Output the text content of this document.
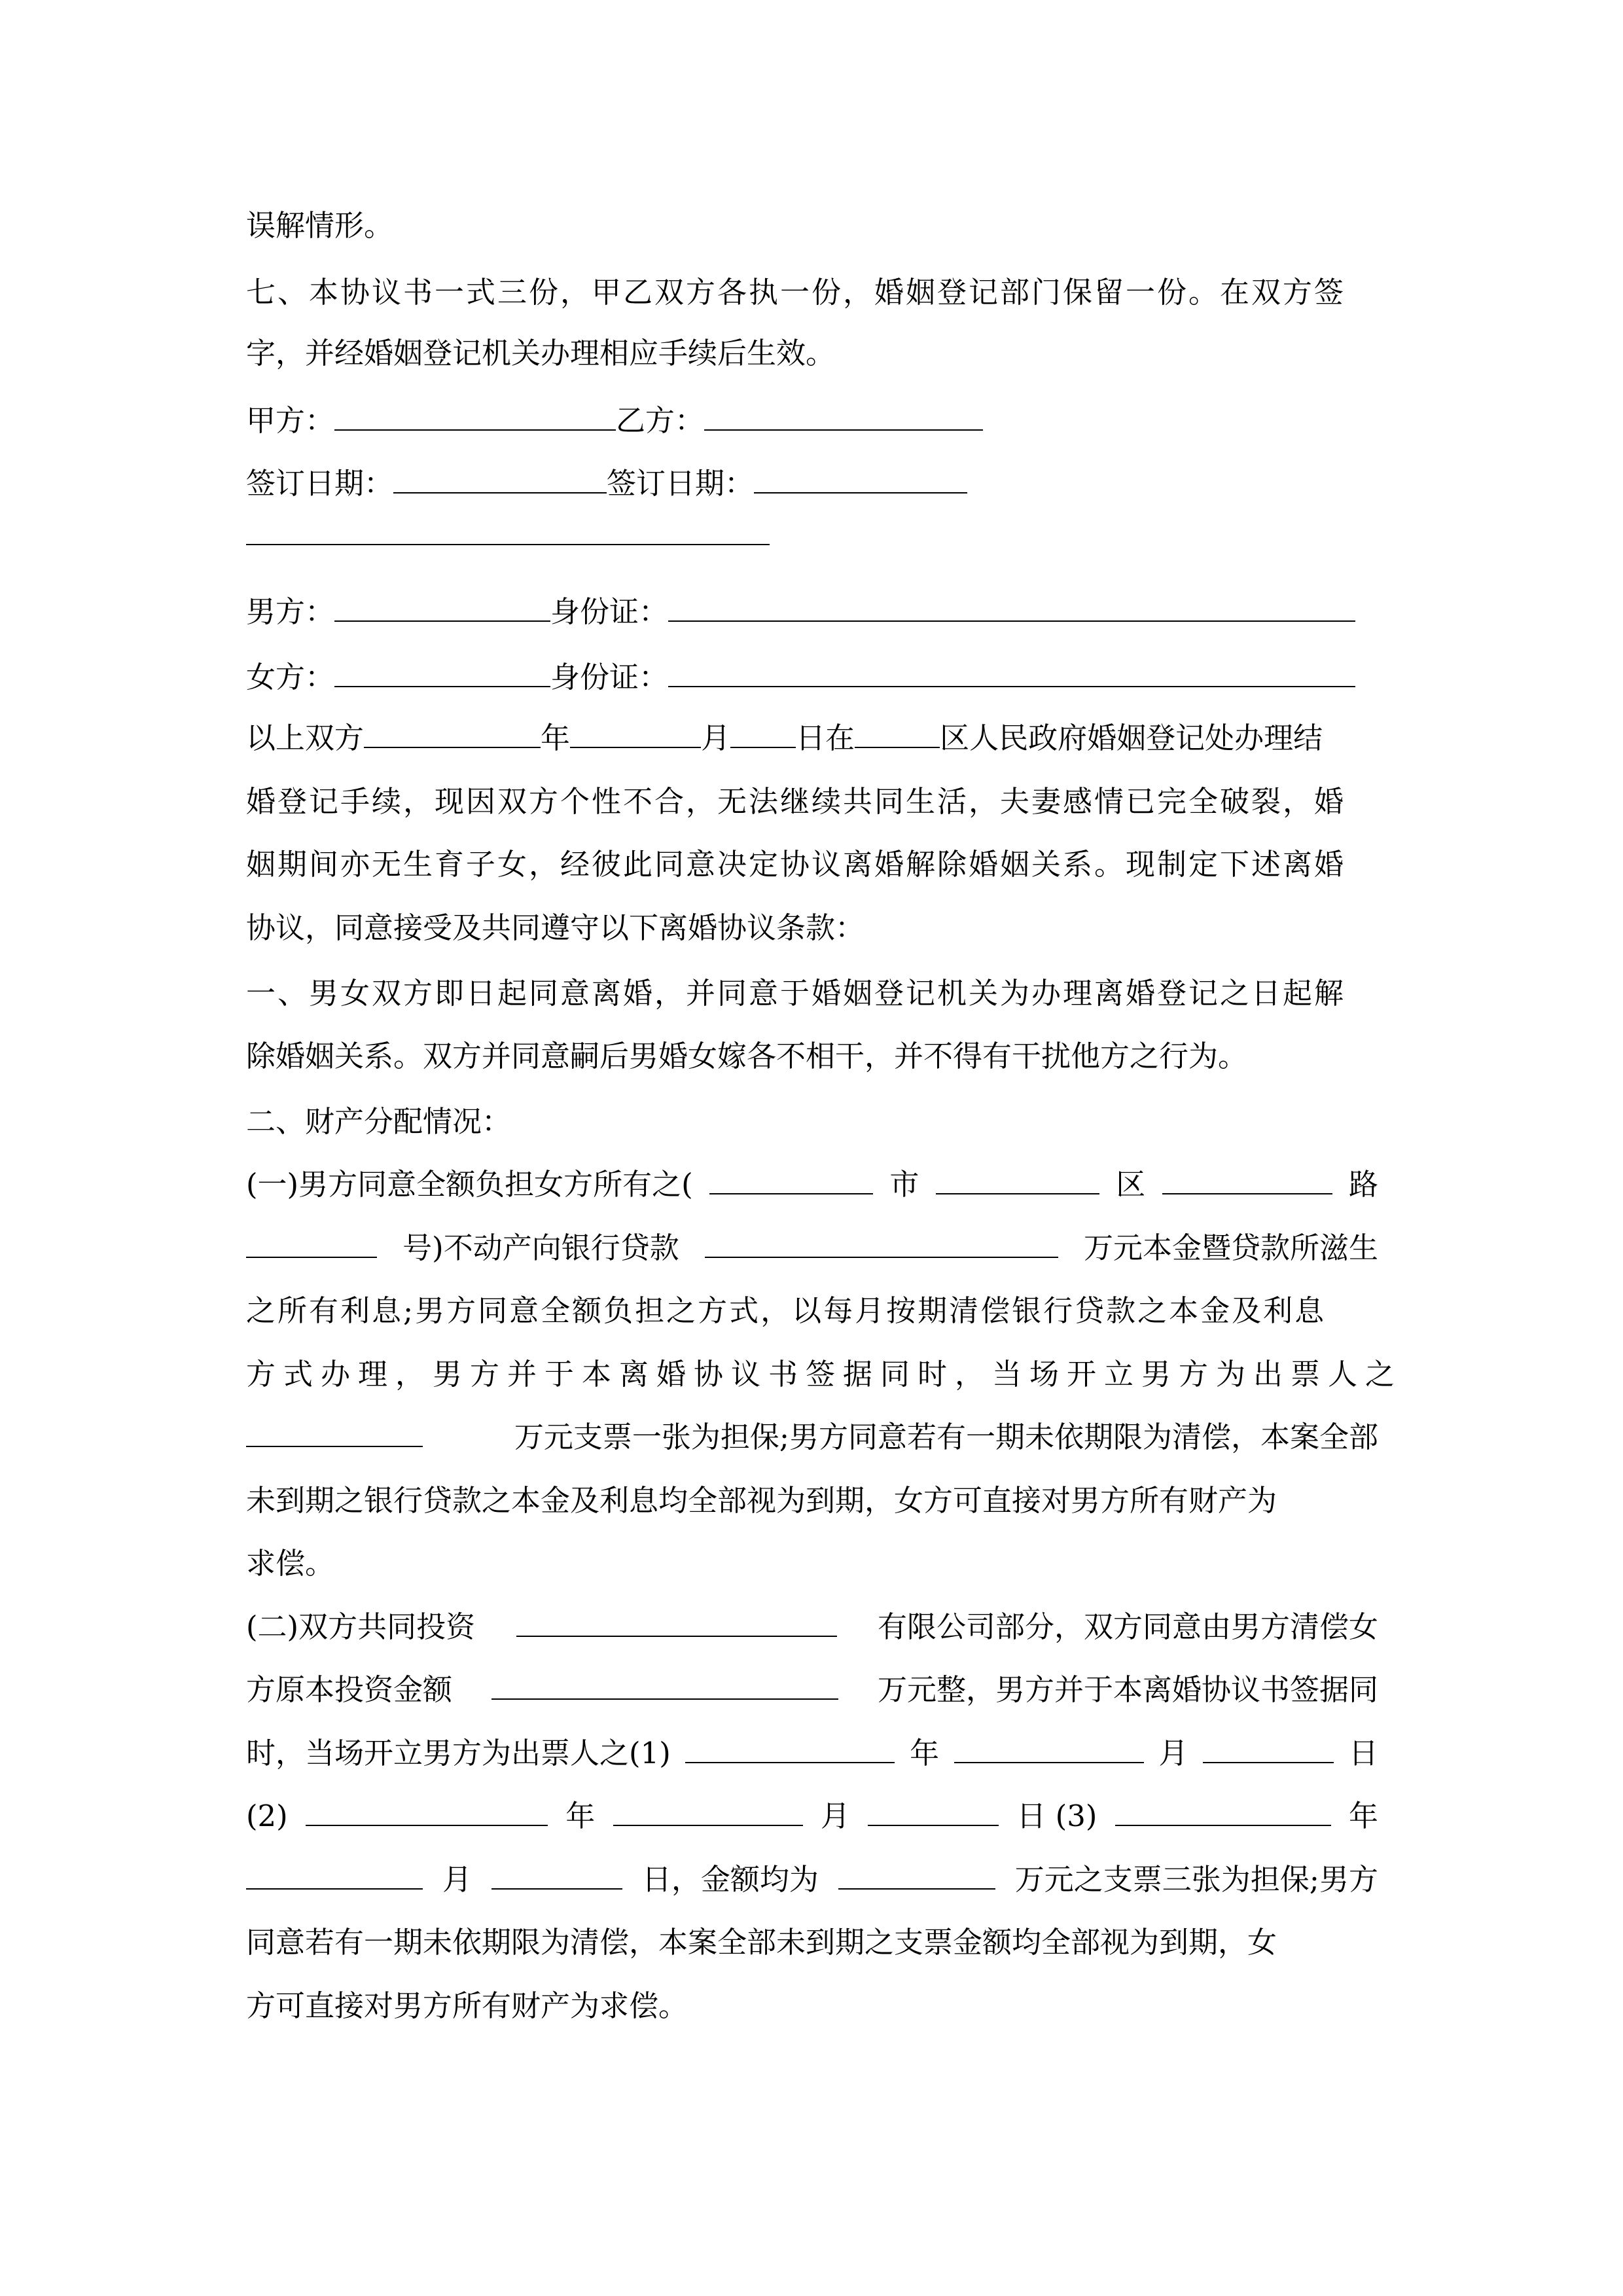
误解情形。
七、本协议书一式三份，甲乙双方各执一份，婚姻登记部门保留一份。在双方签
字，并经婚姻登记机关办理相应手续后生效。
甲方：	乙方：
签订日期：	签订日期：
男方：	身份证：
女方：	身份证：
以上双方	年	月 日在	区人民政府婚姻登记处办理结
婚登记手续，现因双方个性不合，无法继续共同生活，夫妻感情已完全破裂，婚
姻期间亦无生育子女，经彼此同意决定协议离婚解除婚姻关系。现制定下述离婚
协议，同意接受及共同遵守以下离婚协议条款：
一、男女双方即日起同意离婚，并同意于婚姻登记机关为办理离婚登记之日起解
除婚姻关系。双方并同意嗣后男婚女嫁各不相干，并不得有干扰他方之行为。
二、财产分配情况：
(一)男方同意全额负担女方所有之(	市	区	路
号)不动产向银行贷款	万元本金暨贷款所滋生
之所有利息;男方同意全额负担之方式，以每月按期清偿银行贷款之本金及利息
方式办理，男方并于本离婚协议书签据同时，当场开立男方为出票人之
万元支票一张为担保;男方同意若有一期未依期限为清偿，本案全部
未到期之银行贷款之本金及利息均全部视为到期，女方可直接对男方所有财产为
求偿。
(二)双方共同投资	有限公司部分，双方同意由男方清偿女
方原本投资金额	万元整，男方并于本离婚协议书签据同
时，当场开立男方为出票人之(1)	年	月	日
(2)	年	月	日 (3)	年
月	日，金额均为	万元之支票三张为担保;男方
同意若有一期未依期限为清偿，本案全部未到期之支票金额均全部视为到期，女
方可直接对男方所有财产为求偿。
